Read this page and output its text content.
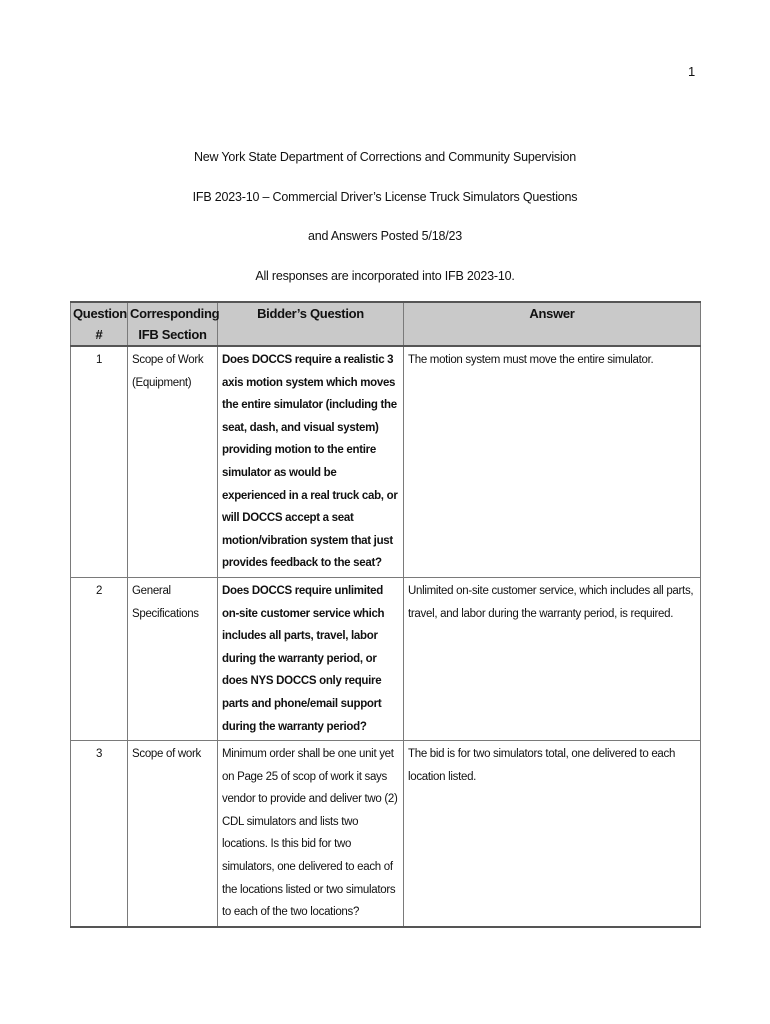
1
New York State Department of Corrections and Community Supervision
IFB 2023-10 – Commercial Driver’s License Truck Simulators Questions
and Answers Posted 5/18/23
All responses are incorporated into IFB 2023-10.
Question #	Corresponding IFB Section	Bidder’s Question	Answer
1	Scope of Work (Equipment)	Does DOCCS require a realistic 3 axis motion system which moves the entire simulator (including the seat, dash, and visual system) providing motion to the entire simulator as would be experienced in a real truck cab, or will DOCCS accept a seat motion/vibration system that just provides feedback to the seat?	The motion system must move the entire simulator.
2	General Specifications	Does DOCCS require unlimited on-site customer service which includes all parts, travel, labor during the warranty period, or does NYS DOCCS only require parts and phone/email support during the warranty period?	Unlimited on-site customer service, which includes all parts, travel, and labor during the warranty period, is required.
3	Scope of work	Minimum order shall be one unit yet on Page 25 of scop of work it says vendor to provide and deliver two (2) CDL simulators and lists two locations. Is this bid for two simulators, one delivered to each of the locations listed or two simulators to each of the two locations?	The bid is for two simulators total, one delivered to each location listed.
